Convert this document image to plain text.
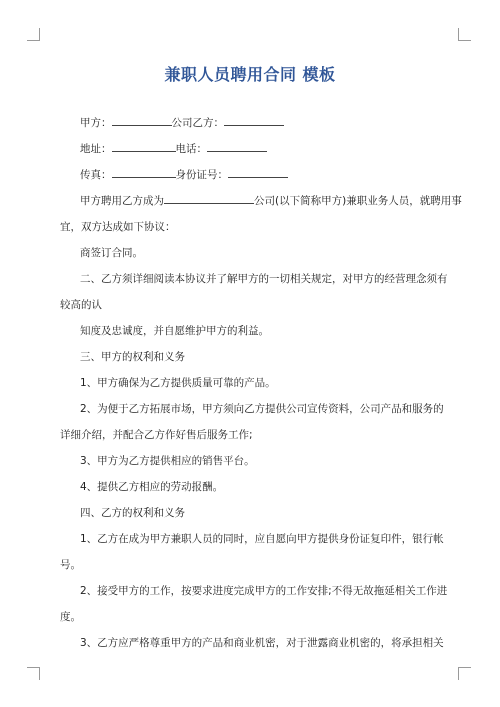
兼职人员聘用合同 模板
甲方：	公司乙方：
地址：	电话：
传真：	身份证号：
甲方聘用乙方成为	公司(以下简称甲方)兼职业务人员，就聘用事
宜，双方达成如下协议：
商签订合同。
二、乙方须详细阅读本协议并了解甲方的一切相关规定，对甲方的经营理念须有
较高的认
知度及忠诚度，并自愿维护甲方的利益。
三、甲方的权利和义务
1、甲方确保为乙方提供质量可靠的产品。
2、为便于乙方拓展市场，甲方须向乙方提供公司宣传资料，公司产品和服务的
详细介绍，并配合乙方作好售后服务工作;
3、甲方为乙方提供相应的销售平台。
4、提供乙方相应的劳动报酬。
四、乙方的权利和义务
1、乙方在成为甲方兼职人员的同时，应自愿向甲方提供身份证复印件，银行帐
号。
2、接受甲方的工作，按要求进度完成甲方的工作安排;不得无故拖延相关工作进
度。
3、乙方应严格尊重甲方的产品和商业机密，对于泄露商业机密的，将承担相关
